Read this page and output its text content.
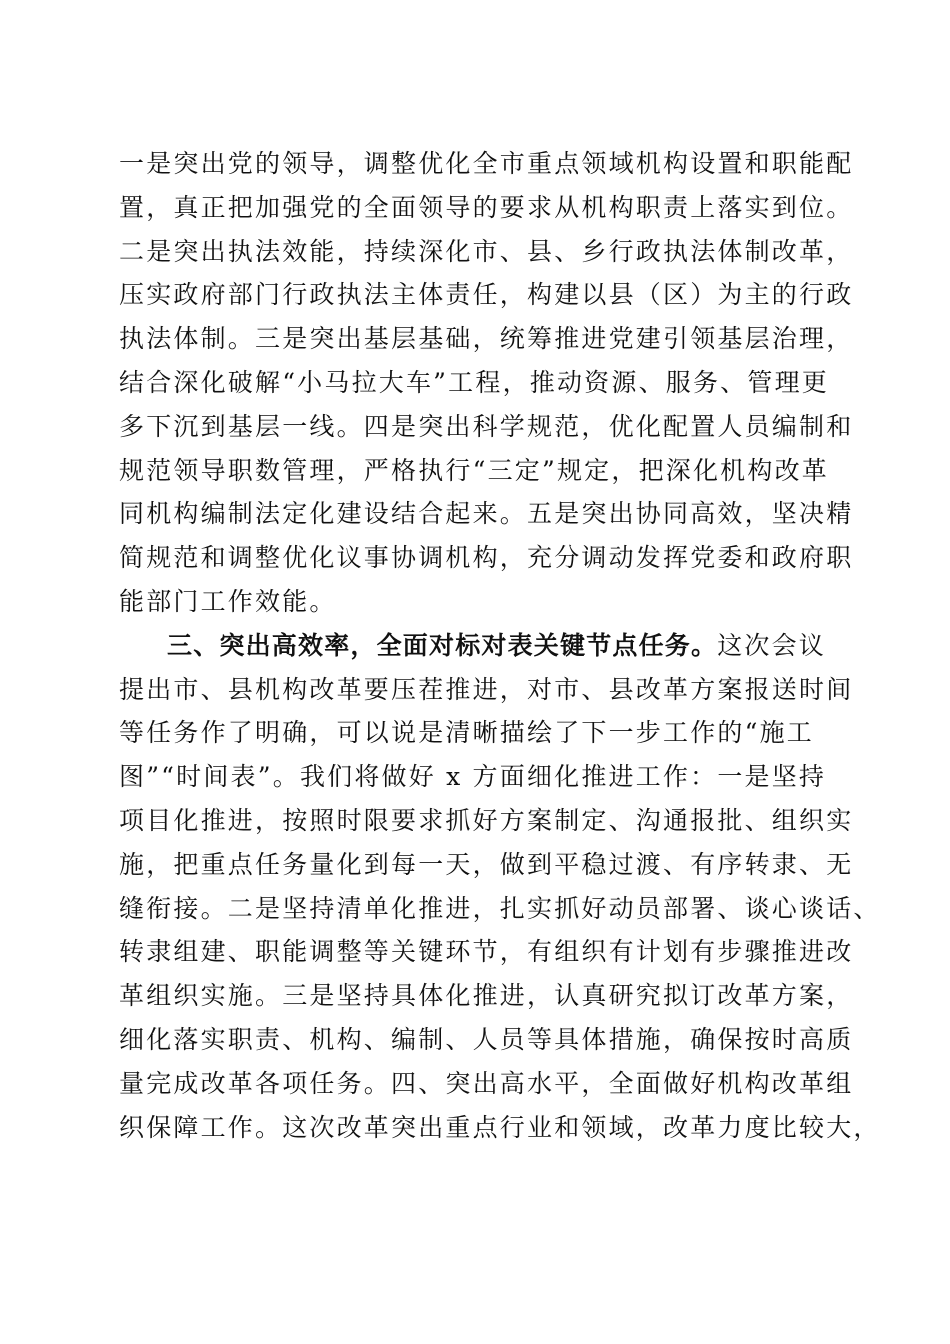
一是突出党的领导，调整优化全市重点领域机构设置和职能配
置，真正把加强党的全面领导的要求从机构职责上落实到位。
二是突出执法效能，持续深化市、县、乡行政执法体制改革，
压实政府部门行政执法主体责任，构建以县（区）为主的行政
执法体制。三是突出基层基础，统筹推进党建引领基层治理，
结合深化破解“小马拉大车”工程，推动资源、服务、管理更
多下沉到基层一线。四是突出科学规范，优化配置人员编制和
规范领导职数管理，严格执行“三定”规定，把深化机构改革
同机构编制法定化建设结合起来。五是突出协同高效，坚决精
简规范和调整优化议事协调机构，充分调动发挥党委和政府职
能部门工作效能。
三、突出高效率，全面对标对表关键节点任务。这次会议
提出市、县机构改革要压茬推进，对市、县改革方案报送时间
等任务作了明确，可以说是清晰描绘了下一步工作的“施工
图”“时间表”。我们将做好 x 方面细化推进工作：一是坚持
项目化推进，按照时限要求抓好方案制定、沟通报批、组织实
施，把重点任务量化到每一天，做到平稳过渡、有序转隶、无
缝衔接。二是坚持清单化推进，扎实抓好动员部署、谈心谈话、
转隶组建、职能调整等关键环节，有组织有计划有步骤推进改
革组织实施。三是坚持具体化推进，认真研究拟订改革方案，
细化落实职责、机构、编制、人员等具体措施，确保按时高质
量完成改革各项任务。四、突出高水平，全面做好机构改革组
织保障工作。这次改革突出重点行业和领域，改革力度比较大，
